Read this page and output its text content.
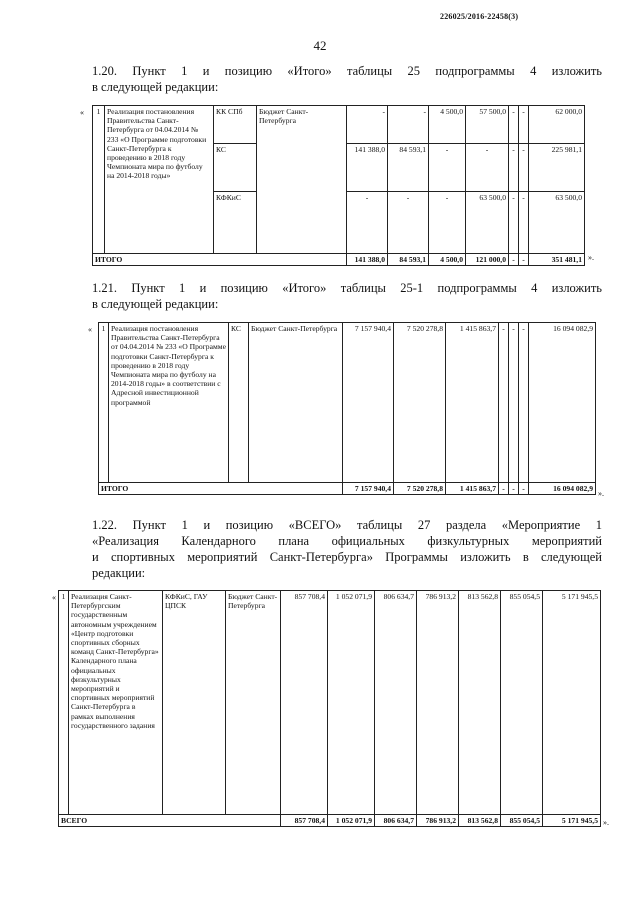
226025/2016-22458(3)
42
1.20. Пункт 1 и позицию «Итого» таблицы 25 подпрограммы 4 изложить
в следующей редакции:
« 1	Реализация постановления Правительства Санкт-Петербурга от 04.04.2014 № 233 «О Программе подготовки Санкт-Петербурга к проведению в 2018 году Чемпионата мира по футболу на 2014-2018 годы»	КК СПб	Бюджет Санкт-Петербурга	-	-	4 500,0	57 500,0	-	-	62 000,0
		КС		141 388,0	84 593,1	-	-	-	-	225 981,1
		КФКиС		-	-	-	63 500,0	-	-	63 500,0
ИТОГО				141 388,0	84 593,1	4 500,0	121 000,0	-	-	351 481,1 ».
1.21. Пункт 1 и позицию «Итого» таблицы 25-1 подпрограммы 4 изложить
в следующей редакции:
« 1	Реализация постановления Правительства Санкт-Петербурга от 04.04.2014 № 233 «О Программе подготовки Санкт-Петербурга к проведению в 2018 году Чемпионата мира по футболу на 2014-2018 годы» в соответствии с Адресной инвестиционной программой	КС	Бюджет Санкт-Петербурга	7 157 940,4	7 520 278,8	1 415 863,7	-	-	-	16 094 082,9
ИТОГО				7 157 940,4	7 520 278,8	1 415 863,7	-	-	-	16 094 082,9
».
1.22. Пункт 1 и позицию «ВСЕГО» таблицы 27 раздела «Мероприятие 1
«Реализация Календарного плана официальных физкультурных мероприятий
и спортивных мероприятий Санкт-Петербурга» Программы изложить в следующей
редакции:
« 1	Реализация Санкт-Петербургским государственным автономным учреждением «Центр подготовки спортивных сборных команд Санкт-Петербурга» Календарного плана официальных физкультурных мероприятий и спортивных мероприятий Санкт-Петербурга в рамках выполнения государственного задания	КФКиС, ГАУ ЦПСК	Бюджет Санкт-Петербурга	857 708,4	1 052 071,9	806 634,7	786 913,2	813 562,8	855 054,5	5 171 945,5
ВСЕГО				857 708,4	1 052 071,9	806 634,7	786 913,2	813 562,8	855 054,5	5 171 945,5 ».
